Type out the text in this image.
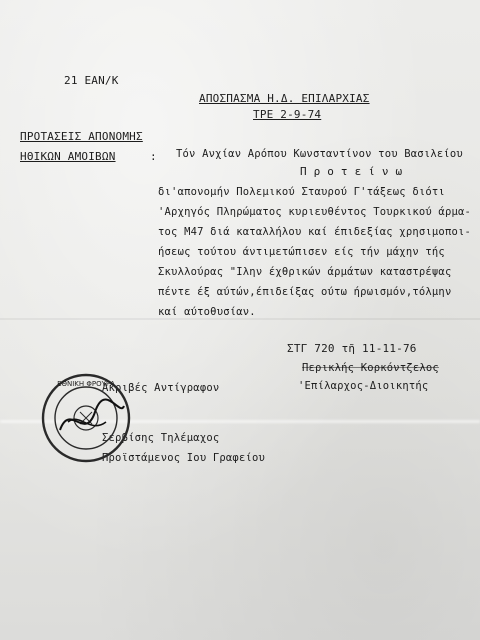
21 ΕΑΝ/Κ
ΑΠΟΣΠΑΣΜΑ Η.Δ. ΕΠΙΛΑΡΧΙΑΣ
ΤΡΕ 2-9-74
ΠΡΟΤΑΣΕΙΣ ΑΠΟΝΟΜΗΣ
ΗΘΙΚΩΝ ΑΜΟΙΒΩΝ	: Τόν Ανχίαν Αρόπου Κωνσταντίνον του Βασιλείου
Π ρ ο τ ε ί ν ω
δι'απονομήν Πολεμικού Σταυρού Γ'τάξεως διότι
'Αρχηγός Πληρώματος κυριευθέντος Τουρκικού άρμα-
τος Μ47 διά καταλλήλου καί έπιδεξίας χρησιμοποι-
ήσεως τούτου άντιμετώπισεν είς τήν μάχην τής
Σκυλλούρας "Ιλην έχθρικών άρμάτων καταστρέψας
πέντε έξ αύτών,έπιδείξας ούτω ήρωισμόν,τόλμην
καί αύτοθυσίαν.
ΣΤΓ 720 τῆ 11-11-76
Περικλής Κορκόντζελος
'Επίλαρχος-Διοικητής
Ακριβές Αντίγραφον
Σερβίσης Τηλέμαχος
Προϊστάμενος Ιου Γραφείου
ΕΘΝΙΚΗ ΦΡΟΥΡΑ
